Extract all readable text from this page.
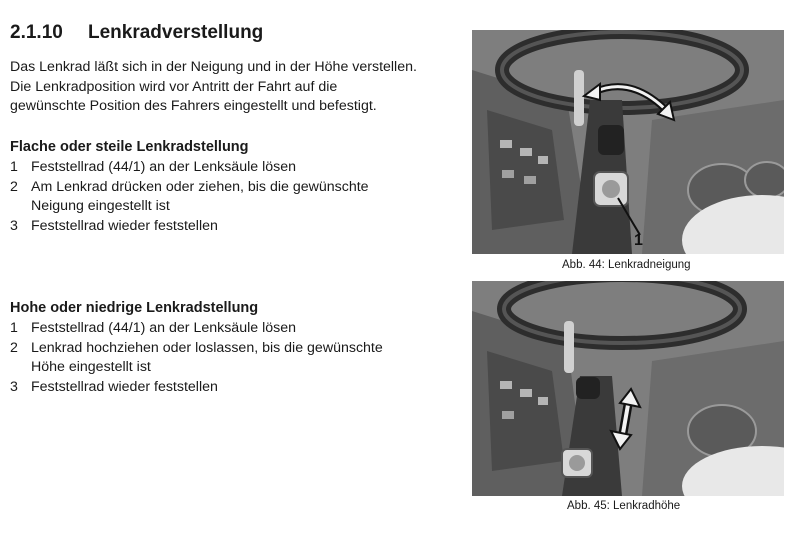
2.1.10 Lenkradverstellung

Das Lenkrad läßt sich in der Neigung und in der Höhe verstellen.

Die Lenkradposition wird vor Antritt der Fahrt auf die

gewünschte Position des Fahrers eingestellt und befestigt.

Flache oder steile Lenkradstellung
1 Feststellrad (44/1) an der Lenksäule lösen
2 Am Lenkrad drücken oder ziehen, bis die gewünschte
Neigung eingestellt ist
3 Feststellrad wieder feststellen
Hohe oder niedrige Lenkradstellung
1 Feststellrad (44/1) an der Lenksäule lösen
2 Lenkrad hochziehen oder loslassen, bis die gewünschte
Höhe eingestellt ist
3 Feststellrad wieder feststellen
1
Abb. 44: Lenkradneigung
Abb. 45: Lenkradhöhe
